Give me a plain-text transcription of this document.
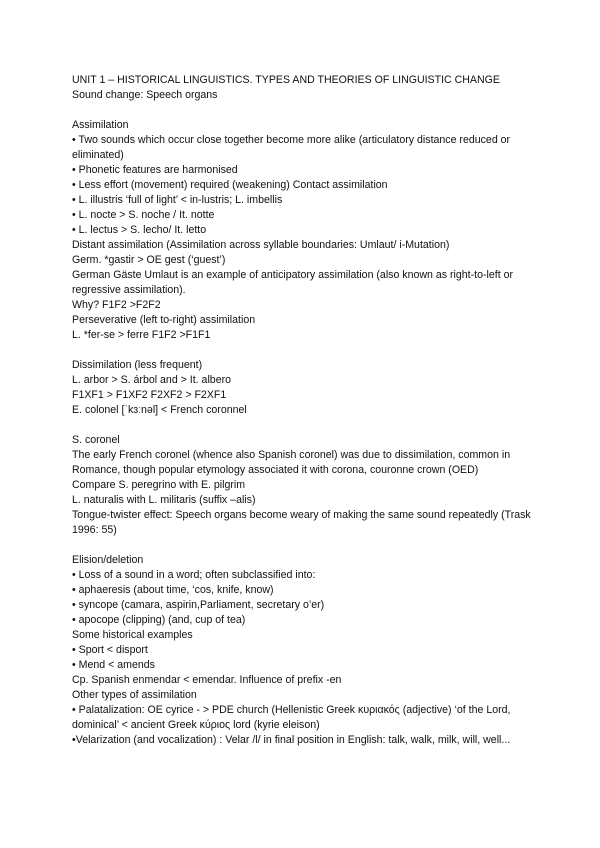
UNIT 1 – HISTORICAL LINGUISTICS. TYPES AND THEORIES OF LINGUISTIC CHANGE
Sound change: Speech organs
Assimilation
• Two sounds which occur close together become more alike (articulatory distance reduced or eliminated)
• Phonetic features are harmonised
• Less effort (movement) required (weakening) Contact assimilation
• L. illustris ‘full of light’ < in-lustris; L. imbellis
• L. nocte > S. noche / It. notte
• L. lectus > S. lecho/ It. letto
Distant assimilation (Assimilation across syllable boundaries: Umlaut/ i-Mutation)
Germ. *gastir > OE gest (‘guest’)
German Gäste Umlaut is an example of anticipatory assimilation (also known as right-to-left or regressive assimilation).
Why? F1F2 >F2F2
Perseverative (left to-right) assimilation
L. *fer-se > ferre F1F2 >F1F1
Dissimilation (less frequent)
L. arbor > S. árbol and > It. albero
F1XF1 > F1XF2 F2XF2 > F2XF1
E. colonel [ˈkɜːnəl] < French coronnel
S. coronel
The early French coronel (whence also Spanish coronel) was due to dissimilation, common in Romance, though popular etymology associated it with corona, couronne crown (OED)
Compare S. peregrino with E. pilgrim
L. naturalis with L. militaris (suffix –alis)
Tongue-twister effect: Speech organs become weary of making the same sound repeatedly (Trask 1996: 55)
Elision/deletion
• Loss of a sound in a word; often subclassified into:
• aphaeresis (about time, ‘cos, knife, know)
• syncope (camara, aspirin,Parliament, secretary o’er)
• apocope (clipping) (and, cup of tea)
Some historical examples
• Sport < disport
• Mend < amends
Cp. Spanish enmendar < emendar. Influence of prefix -en
Other types of assimilation
• Palatalization: OE cyrice - > PDE church (Hellenistic Greek κυριακός (adjective) ‘of the Lord, dominical’ < ancient Greek κύριος lord (kyrie eleison)
•Velarization (and vocalization) : Velar /l/ in final position in English: talk, walk, milk, will, well...
